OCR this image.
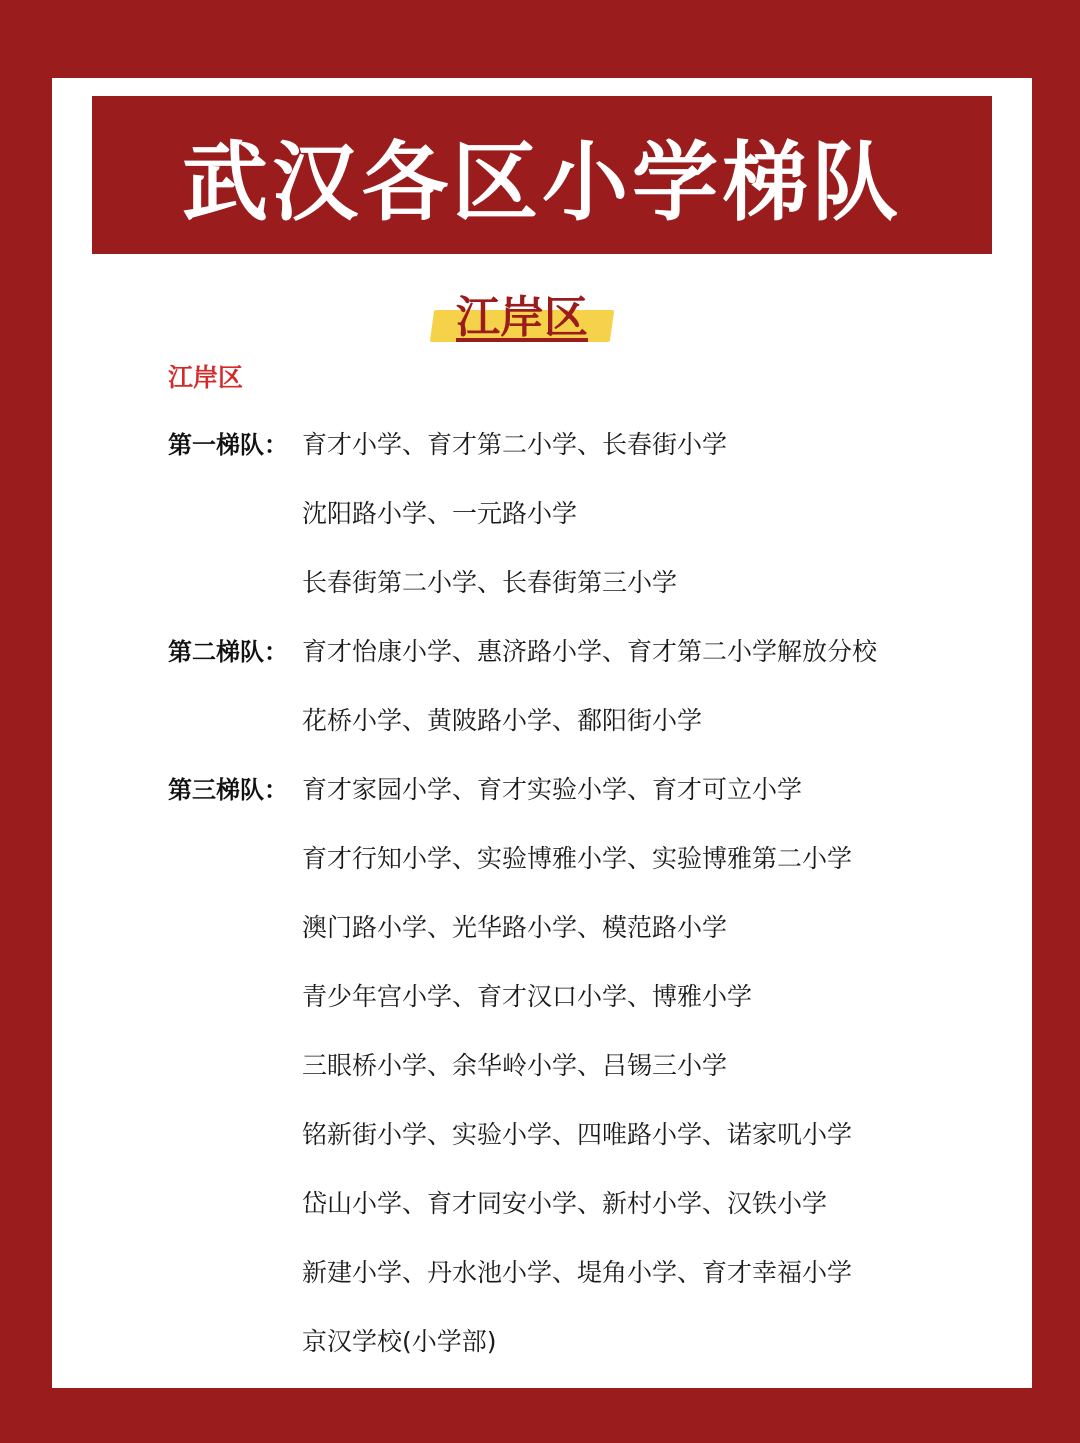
武汉各区小学梯队
江岸区
江岸区
第一梯队： 育才小学、育才第二小学、长春街小学
沈阳路小学、一元路小学
长春街第二小学、长春街第三小学
第二梯队： 育才怡康小学、惠济路小学、育才第二小学解放分校
花桥小学、黄陂路小学、鄱阳街小学
第三梯队： 育才家园小学、育才实验小学、育才可立小学
育才行知小学、实验博雅小学、实验博雅第二小学
澳门路小学、光华路小学、模范路小学
青少年宫小学、育才汉口小学、博雅小学
三眼桥小学、余华岭小学、吕锡三小学
铭新街小学、实验小学、四唯路小学、诺家叽小学
岱山小学、育才同安小学、新村小学、汉铁小学
新建小学、丹水池小学、堤角小学、育才幸福小学
京汉学校(小学部)
